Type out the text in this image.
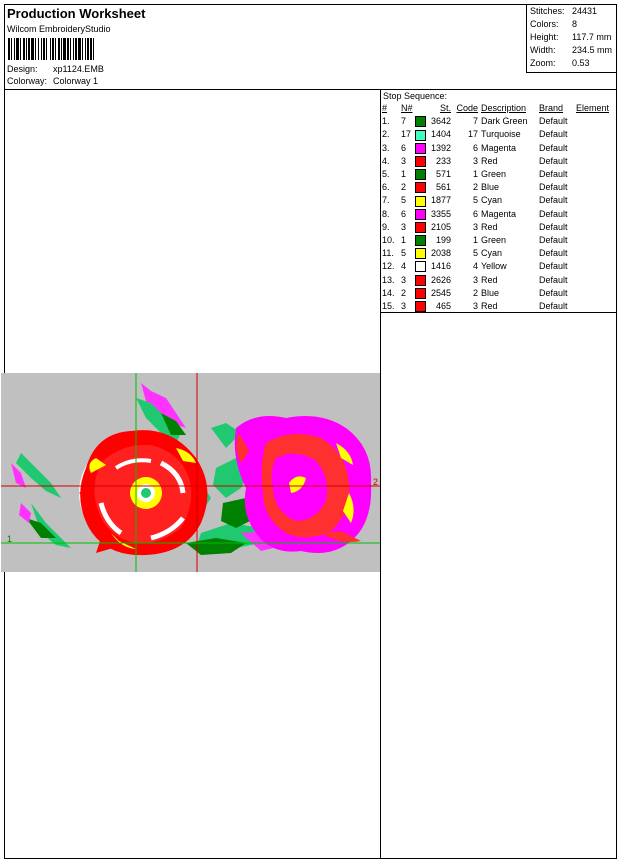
Production Worksheet
Wilcom EmbroideryStudio
Design: xp1124.EMB
Colorway: Colorway 1
Stitches: 24431
Colors: 8
Height: 117.7 mm
Width: 234.5 mm
Zoom: 0.53
1
2
Stop Sequence:
#	N#		St.	Code	Description	Brand	Element
1.	7		3642	7	Dark Green	Default	
2.	17		1404	17	Turquoise	Default	
3.	6		1392	6	Magenta	Default	
4.	3		233	3	Red	Default	
5.	1		571	1	Green	Default	
6.	2		561	2	Blue	Default	
7.	5		1877	5	Cyan	Default	
8.	6		3355	6	Magenta	Default	
9.	3		2105	3	Red	Default	
10.	1		199	1	Green	Default	
11.	5		2038	5	Cyan	Default	
12.	4		1416	4	Yellow	Default	
13.	3		2626	3	Red	Default	
14.	2		2545	2	Blue	Default	
15.	3		465	3	Red	Default	
